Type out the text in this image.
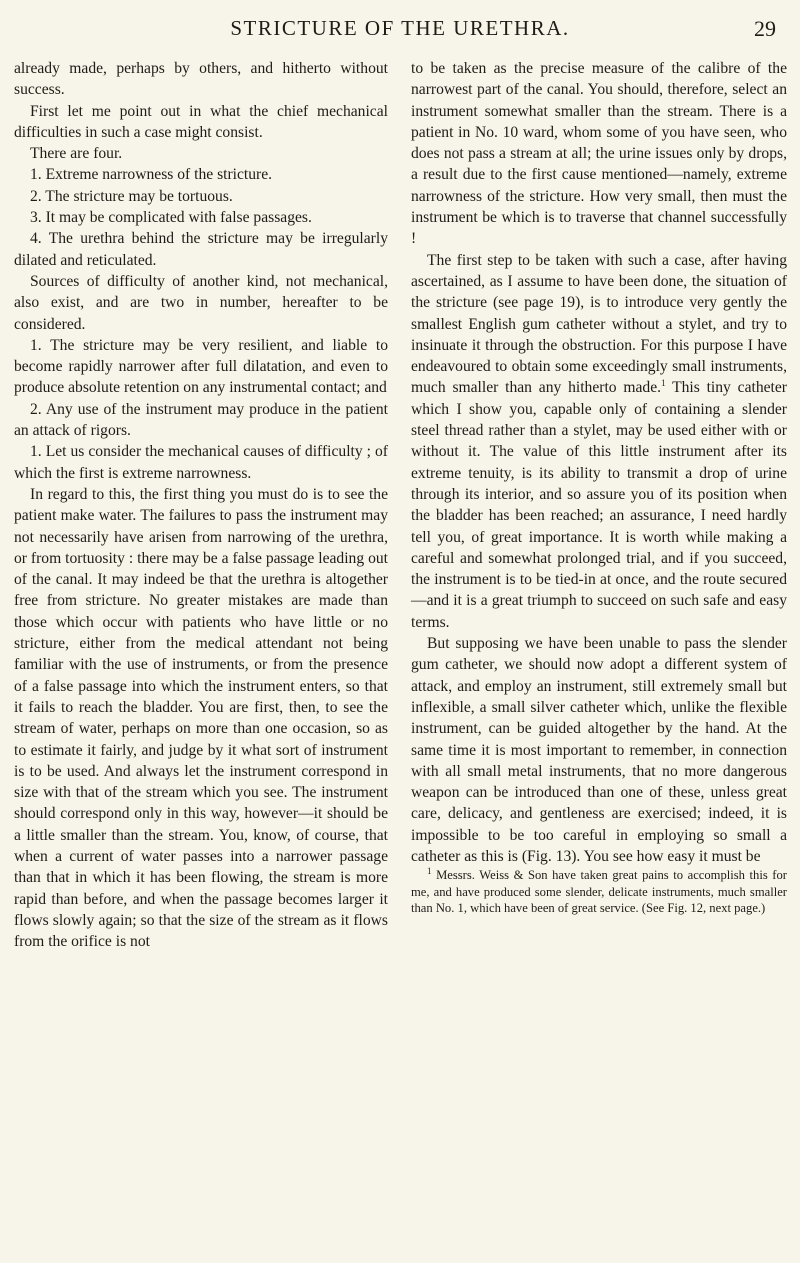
STRICTURE OF THE URETHRA.	29

already made, perhaps by others, and hitherto without success.

First let me point out in what the chief mechanical difficulties in such a case might consist.

There are four.

1. Extreme narrowness of the stricture.

2. The stricture may be tortuous.

3. It may be complicated with false passages.

4. The urethra behind the stricture may be irregularly dilated and reticulated.

Sources of difficulty of another kind, not mechanical, also exist, and are two in number, hereafter to be considered.

1. The stricture may be very resilient, and liable to become rapidly narrower after full dilatation, and even to produce absolute retention on any instrumental contact; and

2. Any use of the instrument may produce in the patient an attack of rigors.

1. Let us consider the mechanical causes of difficulty ; of which the first is extreme narrowness.

In regard to this, the first thing you must do is to see the patient make water. The failures to pass the instrument may not necessarily have arisen from narrowing of the urethra, or from tortuosity : there may be a false passage leading out of the canal. It may indeed be that the urethra is altogether free from stricture. No greater mistakes are made than those which occur with patients who have little or no stricture, either from the medical attendant not being familiar with the use of instruments, or from the presence of a false passage into which the instrument enters, so that it fails to reach the bladder. You are first, then, to see the stream of water, perhaps on more than one occasion, so as to estimate it fairly, and judge by it what sort of instrument is to be used. And always let the instrument correspond in size with that of the stream which you see. The instrument should correspond only in this way, however—it should be a little smaller than the stream. You, know, of course, that when a current of water passes into a narrower passage than that in which it has been flowing, the stream is more rapid than before, and when the passage becomes larger it flows slowly again; so that the size of the stream as it flows from the orifice is not

to be taken as the precise measure of the calibre of the narrowest part of the canal. You should, therefore, select an instrument somewhat smaller than the stream. There is a patient in No. 10 ward, whom some of you have seen, who does not pass a stream at all; the urine issues only by drops, a result due to the first cause mentioned—namely, extreme narrowness of the stricture. How very small, then must the instrument be which is to traverse that channel successfully !

The first step to be taken with such a case, after having ascertained, as I assume to have been done, the situation of the stricture (see page 19), is to introduce very gently the smallest English gum catheter without a stylet, and try to insinuate it through the obstruction. For this purpose I have endeavoured to obtain some exceedingly small instruments, much smaller than any hitherto made.$^1$ This tiny catheter which I show you, capable only of containing a slender steel thread rather than a stylet, may be used either with or without it. The value of this little instrument after its extreme tenuity, is its ability to transmit a drop of urine through its interior, and so assure you of its position when the bladder has been reached; an assurance, I need hardly tell you, of great importance. It is worth while making a careful and somewhat prolonged trial, and if you succeed, the instrument is to be tied-in at once, and the route secured—and it is a great triumph to succeed on such safe and easy terms.

But supposing we have been unable to pass the slender gum catheter, we should now adopt a different system of attack, and employ an instrument, still extremely small but inflexible, a small silver catheter which, unlike the flexible instrument, can be guided altogether by the hand. At the same time it is most important to remember, in connection with all small metal instruments, that no more dangerous weapon can be introduced than one of these, unless great care, delicacy, and gentleness are exercised; indeed, it is impossible to be too careful in employing so small a catheter as this is (Fig. 13). You see how easy it must be

$^1$ Messrs. Weiss & Son have taken great pains to accomplish this for me, and have produced some slender, delicate instruments, much smaller than No. 1, which have been of great service. (See Fig. 12, next page.)
